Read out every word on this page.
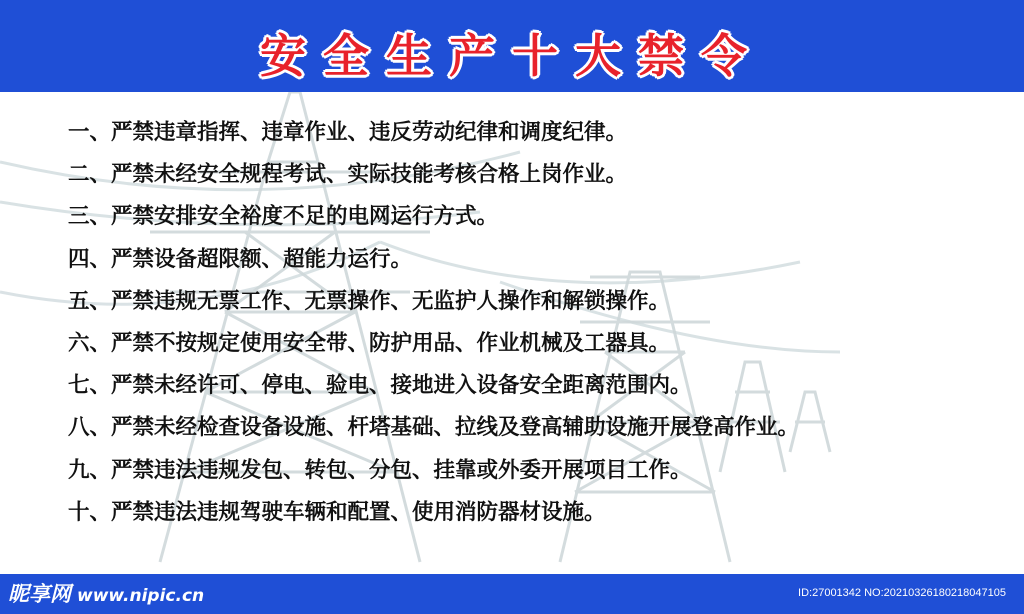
安全生产十大禁令
一、严禁违章指挥、违章作业、违反劳动纪律和调度纪律。
二、严禁未经安全规程考试、实际技能考核合格上岗作业。
三、严禁安排安全裕度不足的电网运行方式。
四、严禁设备超限额、超能力运行。
五、严禁违规无票工作、无票操作、无监护人操作和解锁操作。
六、严禁不按规定使用安全带、防护用品、作业机械及工器具。
七、严禁未经许可、停电、验电、接地进入设备安全距离范围内。
八、严禁未经检查设备设施、杆塔基础、拉线及登高辅助设施开展登高作业。
九、严禁违法违规发包、转包、分包、挂靠或外委开展项目工作。
十、严禁违法违规驾驶车辆和配置、使用消防器材设施。
昵享网 www.nipic.cn	ID:27001342 NO:20210326180218047105
